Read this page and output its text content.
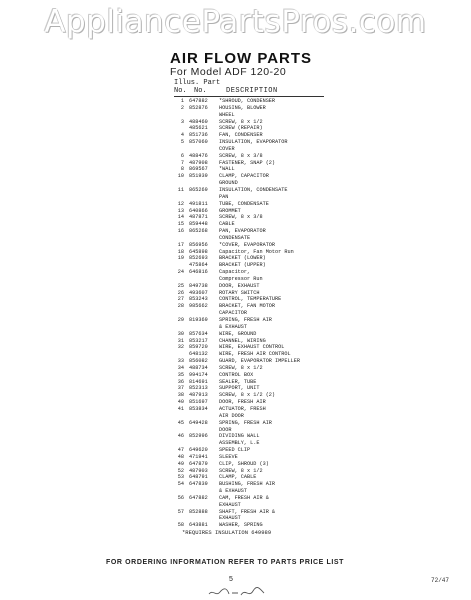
AppliancePartsPros.com
AIR FLOW PARTS
For Model ADF 120-20
Illus. Part
No. No.	DESCRIPTION
1 647882 *SHROUD, CONDENSER
2 852876 HOUSING, BLOWER
WHEEL
3 488460 SCREW, 8 x 1/2
485621 SCREW (REPAIR)
4 851736 FAN, CONDENSER
5 857060 INSULATION, EVAPORATOR
COVER
6 488476 SCREW, 8 x 3/8
7 487908 FASTENER, SNAP (2)
8 869567 *WALL
10 851939 CLAMP, CAPACITOR
GROUND
11 865269 INSULATION, CONDENSATE
PAN
12 491811 TUBE, CONDENSATE
13 640866 GROMMET
14 487871 SCREW, 8 x 3/8
15 859448 CABLE
16 865268 PAN, EVAPORATOR
CONDENSATE
17 856956 *COVER, EVAPORATOR
18 645898 Capacitor, Fan Motor Run
19 852693 BRACKET (LOWER)
475864 BRACKET (UPPER)
24 646816 Capacitor,
Compressor Run
25 849738 DOOR, EXHAUST
26 493607 ROTARY SWITCH
27 853243 CONTROL, TEMPERATURE
28 985662 BRACKET, FAN MOTOR
CAPACITOR
29 819369 SPRING, FRESH AIR
& EXHAUST
30 857634 WIRE, GROUND
31 853217 CHANNEL, WIRING
32 859720 WIRE, EXHAUST CONTROL
648132 WIRE, FRESH AIR CONTROL
33 856082 GUARD, EVAPORATOR IMPELLER
34 488734 SCREW, 8 x 1/2
35 994174 CONTROL BOX
36 814691 SEALER, TUBE
37 852313 SUPPORT, UNIT
38 487913 SCREW, 8 x 1/2 (2)
40 851697 DOOR, FRESH AIR
41 853834 ACTUATOR, FRESH
AIR DOOR
45 649428 SPRING, FRESH AIR
DOOR
46 852996 DIVIDING WALL
ASSEMBLY, L.E
47 649620 SPEED CLIP
48 471941 SLEEVE
49 647879 CLIP, SHROUD (3)
52 487903 SCREW, 8 x 1/2
53 648791 CLAMP, CABLE
54 647839 BUSHING, FRESH AIR
& EXHAUST
56 647882 CAM, FRESH AIR &
EXHAUST
57 852888 SHAFT, FRESH AIR &
EXHAUST
58 643881 WASHER, SPRING
*REQUIRES INSULATION 649989
FOR ORDERING INFORMATION REFER TO PARTS PRICE LIST
5	72/47
